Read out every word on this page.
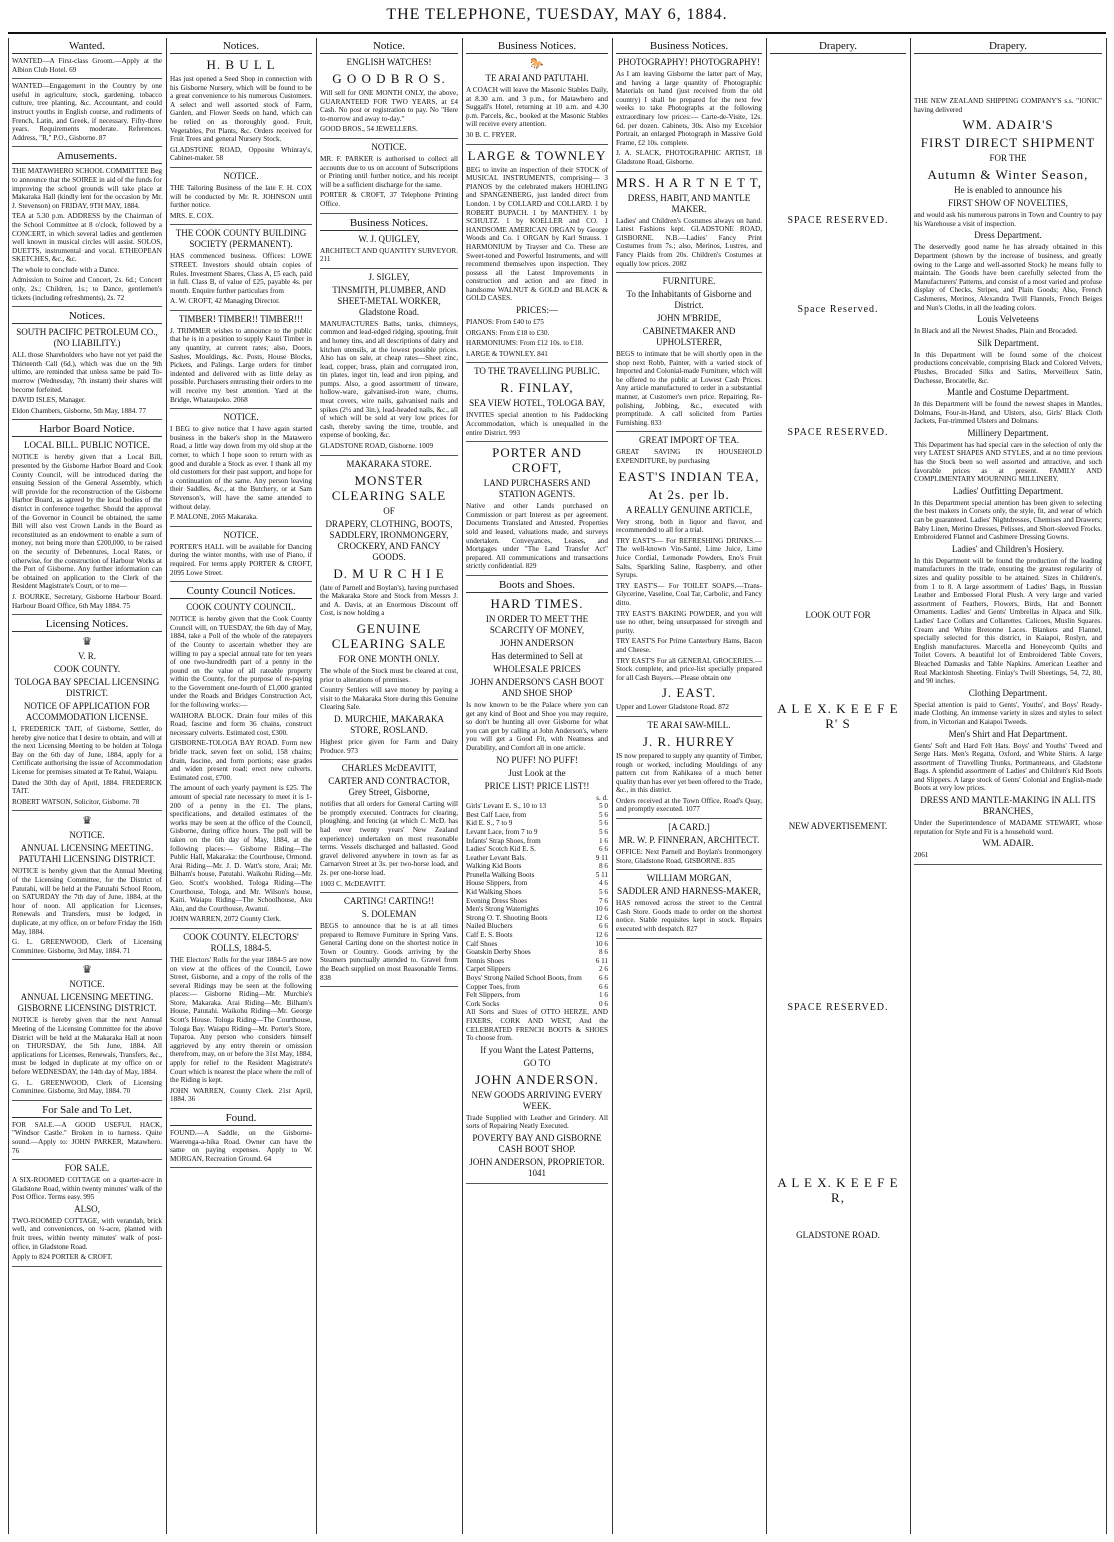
THE TELEPHONE, TUESDAY, MAY 6, 1884.
Wanted.

WANTED—A First-class Groom.—Apply at the Albion Club Hotel. 69

WANTED—Engagement in the Country by one useful in agriculture, stock, gardening, tobacco culture, tree planting, &c. Accountant, and could instruct youths in English course, and rudiments of French, Latin, and Greek, if necessary. Fifty-three years. Requirements moderate. References. Address, "R," P.O., Gisborne. 87

Amusements.

THE MATAWHERO SCHOOL COMMITTEE Beg to announce that the SOIREE in aid of the funds for improving the school grounds will take place at Makaraka Hall (kindly lent for the occasion by Mr. J. Stevenson) on FRIDAY, 9TH MAY, 1884.

TEA at 5.30 p.m. ADDRESS by the Chairman of the School Committee at 8 o'clock, followed by a CONCERT, in which several ladies and gentlemen well known in musical circles will assist. SOLOS, DUETTS, instrumental and vocal. ETHEOPEAN SKETCHES, &c., &c.

The whole to conclude with a Dance.

Admission to Soiree and Concert, 2s. 6d.; Concert only, 2s.; Children, 1s.; to Dance, gentlemen's tickets (including refreshments), 2s. 72

Notices.
SOUTH PACIFIC PETROLEUM CO., (NO LIABILITY.)

ALL those Shareholders who have not yet paid the Thirteenth Call (6d.), which was due on the 9th ultimo, are reminded that unless same be paid To-morrow (Wednesday, 7th instant) their shares will become forfeited.

DAVID ISLES, Manager.

Eldon Chambers, Gisborne, 5th May, 1884. 77

Harbor Board Notice.
LOCAL BILL. PUBLIC NOTICE.

NOTICE is hereby given that a Local Bill, presented by the Gisborne Harbor Board and Cook County Council, will be introduced during the ensuing Session of the General Assembly, which will provide for the reconstruction of the Gisborne Harbor Board, as agreed by the local bodies of the district in conference together. Should the approval of the Governor in Council be obtained, the same Bill will also vest Crown Lands in the Board as reconstituted as an endowment to enable a sum of money, not being more than £200,000, to be raised on the security of Debentures, Local Rates, or otherwise, for the construction of Harbour Works at the Port of Gisborne. Any further information can be obtained on application to the Clerk of the Resident Magistrate's Court, or to me—

J. BOURKE, Secretary, Gisborne Harbour Board. Harbour Board Office, 6th May 1884. 75

Licensing Notices.
♛
V. R.
COOK COUNTY.
TOLOGA BAY SPECIAL LICENSING DISTRICT.
NOTICE OF APPLICATION FOR ACCOMMODATION LICENSE.

I, FREDERICK TAIT, of Gisborne, Settler, do hereby give notice that I desire to obtain, and will at the next Licensing Meeting to be holden at Tologa Bay on the 6th day of June, 1884, apply for a Certificate authorising the issue of Accommodation License for premises situated at Te Rahui, Waiapu.

Dated the 30th day of April, 1884. FREDERICK TAIT.

ROBERT WATSON, Solicitor, Gisborne. 78

♛
NOTICE.
ANNUAL LICENSING MEETING. PATUTAHI LICENSING DISTRICT.

NOTICE is hereby given that the Annual Meeting of the Licensing Committee, for the District of Patutahi, will be held at the Patutahi School Room, on SATURDAY the 7th day of June, 1884, at the hour of noon. All application for Licenses, Renewals and Transfers, must be lodged, in duplicate, at my office, on or before Friday the 16th May, 1884.

G. L. GREENWOOD, Clerk of Licensing Committee. Gisborne, 3rd May, 1884. 71

♛
NOTICE.
ANNUAL LICENSING MEETING. GISBORNE LICENSING DISTRICT.

NOTICE is hereby given that the next Annual Meeting of the Licensing Committee for the above District will be held at the Makaraka Hall at noon on THURSDAY, the 5th June, 1884. All applications for Licenses, Renewals, Transfers, &c., must be lodged in duplicate at my office on or before WEDNESDAY, the 14th day of May, 1884.

G. L. GREENWOOD, Clerk of Licensing Committee. Gisborne, 3rd May, 1884. 70

For Sale and To Let.

FOR SALE.—A GOOD USEFUL HACK, "Windsor Castle." Broken in to harness. Quite sound.—Apply to: JOHN PARKER, Matawhero. 76

FOR SALE.

A SIX-ROOMED COTTAGE on a quarter-acre in Gladstone Road, within twenty minutes' walk of the Post Office. Terms easy. 995

ALSO,

TWO-ROOMED COTTAGE, with verandah, brick well, and conveniences, on ¼-acre, planted with fruit trees, within twenty minutes' walk of post-office, in Gladstone Road.

Apply to 824 PORTER & CROFT.

Notices.
H. B U L L

Has just opened a Seed Shop in connection with his Gisborne Nursery, which will be found to be a great convenience to his numerous Customers. A select and well assorted stock of Farm, Garden, and Flower Seeds on hand, which can be relied on as thoroughly good. Fruit, Vegetables, Pot Plants, &c. Orders received for Fruit Trees and general Nursery Stock.

GLADSTONE ROAD, Opposite Whinray's, Cabinet-maker. 58

NOTICE.

THE Tailoring Business of the late F. H. COX will be conducted by Mr. R. JOHNSON until further notice.

MRS. E. COX.

THE COOK COUNTY BUILDING SOCIETY (PERMANENT).

HAS commenced business. Offices: LOWE STREET. Investors should obtain copies of Rules. Investment Shares, Class A, £5 each, paid in full. Class B, of value of £25, payable 4s. per month. Enquire further particulars from

A. W. CROFT, 42 Managing Director.

TIMBER! TIMBER!! TIMBER!!!

J. TRIMMER wishes to announce to the public that he is in a position to supply Kauri Timber in any quantity, at current rates; also, Doors, Sashes, Mouldings, &c. Posts, House Blocks, Pickets, and Palings. Large orders for timber indented and delivered with as little delay as possible. Purchasers entrusting their orders to me will receive my best attention. Yard at the Bridge, Whataupoko. 2068

NOTICE.

I BEG to give notice that I have again started business in the baker's shop in the Matawero Road, a little way down from my old shop at the corner, to which I hope soon to return with as good and durable a Stock as ever. I thank all my old customers for their past support, and hope for a continuation of the same. Any person leaving their Saddles, &c., at the Butchery, or at Sam Stevenson's, will have the same attended to without delay.

P. MALONE, 2065 Makaraka.

NOTICE.

PORTER'S HALL will be available for Dancing during the winter months, with use of Piano, if required. For terms apply PORTER & CROFT, 2095 Lowe Street.

County Council Notices.
COOK COUNTY COUNCIL.

NOTICE is hereby given that the Cook County Council will, on TUESDAY, the 6th day of May, 1884, take a Poll of the whole of the ratepayers of the County to ascertain whether they are willing to pay a special annual rate for ten years of one two-hundredth part of a penny in the pound on the value of all rateable property within the County, for the purpose of re-paying to the Government one-fourth of £1,000 granted under the Roads and Bridges Construction Act, for the following works:—

WAIHORA BLOCK. Drain four miles of this Road, fascine and form 36 chains, construct necessary culverts. Estimated cost, £300.

GISBORNE-TOLOGA BAY ROAD. Form new bridle track, seven feet on solid, 158 chains; drain, fascine, and form portions; ease grades and widen present road; erect new culverts. Estimated cost, £700.

The amount of each yearly payment is £25. The amount of special rate necessary to meet it is 1-200 of a penny in the £1. The plans, specifications, and detailed estimates of the works may be seen at the office of the Council, Gisborne, during office hours. The poll will be taken on the 6th day of May, 1884, at the following places:— Gisborne Riding—The Public Hall, Makaraka: the Courthouse, Ormond. Arai Riding—Mr. J. D. Watt's store, Arai; Mr. Bilham's house, Patutahi. Waikohu Riding—Mr. Geo. Scott's woolshed. Tologa Riding—The Courthouse, Tologa, and Mr. Wilson's house, Kaiti. Waiapu Riding—The Schoolhouse, Aku Aku, and the Courthouse, Awanui.

JOHN WARREN, 2072 County Clerk.

COOK COUNTY. ELECTORS' ROLLS, 1884-5.

THE Electors' Rolls for the year 1884-5 are now on view at the offices of the Council, Lowe Street, Gisborne, and a copy of the rolls of the several Ridings may be seen at the following places:— Gisborne Riding—Mr. Murchie's Store, Makaraka. Arai Riding—Mr. Bilham's House, Patutahi. Waikohu Riding—Mr. George Scott's House. Tologa Riding—The Courthouse, Tologa Bay. Waiapu Riding—Mr. Porter's Store, Tuparoa. Any person who considers himself aggrieved by any entry therein or omission therefrom, may, on or before the 31st May, 1884, apply for relief to the Resident Magistrate's Court which is nearest the place where the roll of the Riding is kept.

JOHN WARREN, County Clerk. 21st April, 1884. 36

Found.

FOUND.—A Saddle, on the Gisborne-Waerenga-a-hika Road. Owner can have the same on paying expenses. Apply to W. MORGAN, Recreation Ground. 64

Notice.
ENGLISH WATCHES!
G O O D B R O S.

Will sell for ONE MONTH ONLY, the above, GUARANTEED FOR TWO YEARS, at £4 Cash. No post or registration to pay. No "Here to-morrow and away to-day."

GOOD BROS., 54 JEWELLERS.

NOTICE.

MR. F. PARKER is authorised to collect all accounts due to us on account of Subscriptions or Printing until further notice, and his receipt will be a sufficient discharge for the same.

PORTER & CROFT, 37 Telephone Printing Office.

Business Notices.
W. J. QUIGLEY,

ARCHITECT AND QUANTITY SURVEYOR. 211

J. SIGLEY,
TINSMITH, PLUMBER, AND SHEET-METAL WORKER, Gladstone Road.

MANUFACTURES Baths, tanks, chimneys, common and lead-edged ridging, spouting, fruit and honey tins, and all descriptions of dairy and kitchen utensils, at the lowest possible prices. Also has on sale, at cheap rates—Sheet zinc, lead, copper, brass, plain and corrugated iron, tin plates, ingot tin, lead and iron piping, and pumps. Also, a good assortment of tinware, hollow-ware, galvanised-iron ware, churns, meat covers, wire nails, galvanised nails and spikes (2½ and 3in.), lead-headed nails, &c., all of which will be sold at very low prices for cash, thereby saving the time, trouble, and expense of booking, &c.

GLADSTONE ROAD, Gisborne. 1009

MAKARAKA STORE.
MONSTER CLEARING SALE
OF
DRAPERY, CLOTHING, BOOTS, SADDLERY, IRONMONGERY, CROCKERY, AND FANCY GOODS.
D. M U R C H I E

(late of Parnell and Boylan's), having purchased the Makaraka Store and Stock from Messrs J. and A. Davis, at an Enormous Discount off Cost, is now holding a

GENUINE CLEARING SALE
FOR ONE MONTH ONLY.

The whole of the Stock must be cleared at cost, prior to alterations of premises.

Country Settlers will save money by paying a visit to the Makaraka Store during this Genuine Clearing Sale.

D. MURCHIE, MAKARAKA STORE, ROSLAND.

Highest price given for Farm and Dairy Produce. 973

CHARLES McDEAVITT,
CARTER AND CONTRACTOR, Grey Street, Gisborne,

notifies that all orders for General Carting will be promptly executed. Contracts for clearing, ploughing, and fencing (at which C. McD. has had over twenty years' New Zealand experience) undertaken on most reasonable terms. Vessels discharged and ballasted. Good gravel delivered anywhere in town as far as Carnarvon Street at 3s. per two-horse load, and 2s. per one-horse load.

1003 C. McDEAVITT.

CARTING! CARTING!!
S. DOLEMAN

BEGS to announce that he is at all times prepared to Remove Furniture in Spring Vans. General Carting done on the shortest notice in Town or Country. Goods arriving by the Steamers punctually attended to. Gravel from the Beach supplied on most Reasonable Terms. 838

Business Notices.
🐎
TE ARAI AND PATUTAHI.

A COACH will leave the Masonic Stables Daily, at 8.30 a.m. and 3 p.m., for Matawhero and Suggall's Hotel, returning at 10 a.m. and 4.30 p.m. Parcels, &c., booked at the Masonic Stables will receive every attention.

30 B. C. FRYER.

LARGE & TOWNLEY

BEG to invite an inspection of their STOCK of MUSICAL INSTRUMENTS, comprising— 3 PIANOS by the celebrated makers HOHLING and SPANGENBERG, just landed direct from London. 1 by COLLARD and COLLARD. 1 by ROBERT BUPACH. 1 by MANTHEY. 1 by SCHULTZ. 1 by KOELLER and CO. 1 HANDSOME AMERICAN ORGAN by George Woods and Co. 1 ORGAN by Karl Strauss. 1 HARMONIUM by Trayser and Co. These are Sweet-toned and Powerful Instruments, and will recommend themselves upon inspection. They possess all the Latest Improvements in construction and action and are fitted in handsome WALNUT & GOLD and BLACK & GOLD CASES.

PRICES:—

PIANOS: From £40 to £75

ORGANS: From £18 to £30.

HARMONIUMS: From £12 10s. to £18.

LARGE & TOWNLEY. 841

TO THE TRAVELLING PUBLIC.
R. FINLAY,
SEA VIEW HOTEL, TOLOGA BAY,

INVITES special attention to his Paddocking Accommodation, which is unequalled in the entire District. 993

PORTER AND CROFT,
LAND PURCHASERS AND STATION AGENTS.

Native and other Lands purchased on Commission or part Interest as per agreement. Documents Translated and Attested. Properties sold and leased, valuations made, and surveys undertaken. Conveyances, Leases, and Mortgages under "The Land Transfer Act" prepared. All communications and transactions strictly confidential. 829

Boots and Shoes.
HARD TIMES.
IN ORDER TO MEET THE SCARCITY OF MONEY,
JOHN ANDERSON
Has determined to Sell at
WHOLESALE PRICES
JOHN ANDERSON'S CASH BOOT AND SHOE SHOP

Is now known to be the Palace where you can get any kind of Boot and Shoe you may require, so don't be hunting all over Gisborne for what you can get by calling at John Anderson's, where you will get a Good Fit, with Neatness and Durability, and Comfort all in one article.

NO PUFF! NO PUFF!
Just Look at the
PRICE LIST! PRICE LIST!!
s. d.
Girls' Levant E. S., 10 to 13	5 0
Best Calf Lace, from	5 6
Kid E. S., 7 to 9	5 6
Levant Lace, from 7 to 9	5 6
Infants' Strap Shoes, from	1 6
Ladies' Scotch Kid E. S.	6 6
Leather Levant Bals.	9 11
Walking Kid Boots	8 6
Prunella Walking Boots	5 11
House Slippers, from	4 6
Kid Walking Shoes	5 6
Evening Dress Shoes	7 6
Men's Strong Watertights	10 6
Strong O. T. Shooting Boots	12 6
Nailed Bluchers	6 6
Calf E. S. Boots	12 6
Calf Shoes	10 6
Goatskin Derby Shoes	8 6
Tennis Shoes	6 11
Carpet Slippers	2 6
Boys' Strong Nailed School Boots, from 6 6
Copper Toes, from	6 6
Felt Slippers, from	1 6
Cork Socks	0 6

All Sorts and Sizes of OTTO HERZE, AND FIXERS, CORK AND WEST, And the CELEBRATED FRENCH BOOTS & SHOES To choose from.

If you Want the Latest Patterns,
GO TO
JOHN ANDERSON.
NEW GOODS ARRIVING EVERY WEEK.

Trade Supplied with Leather and Grindery. All sorts of Repairing Neatly Executed.

POVERTY BAY AND GISBORNE CASH BOOT SHOP.
JOHN ANDERSON, PROPRIETOR. 1041
Business Notices.
PHOTOGRAPHY! PHOTOGRAPHY!

As I am leaving Gisborne the latter part of May, and having a large quantity of Photographic Materials on hand (just received from the old country) I shall be prepared for the next few weeks to take Photographs at the following extraordinary low prices:— Carte-de-Visite, 12s. 6d. per dozen. Cabinets, 30s. Also my Excelsior Portrait, an enlarged Photograph in Massive Gold Frame, £2 10s. complete.

J. A. SLACK, PHOTOGRAPHIC ARTIST, 18 Gladstone Road, Gisborne.

MRS. H A R T N E T T,
DRESS, HABIT, AND MANTLE MAKER.

Ladies' and Children's Costumes always on hand. Latest Fashions kept. GLADSTONE ROAD, GISBORNE. N.B.—Ladies' Fancy Print Costumes from 7s.; also, Merinos, Lustres, and Fancy Plaids from 20s. Children's Costumes at equally low prices. 2082

FURNITURE.
To the Inhabitants of Gisborne and District.
JOHN M'BRIDE,
CABINETMAKER AND UPHOLSTERER,

BEGS to intimate that he will shortly open in the shop next Robb, Painter, with a varied stock of Imported and Colonial-made Furniture, which will be offered to the public at Lowest Cash Prices. Any article manufactured to order in a substantial manner, at Customer's own price. Repairing, Re-polishing, Jobbing, &c., executed with promptitude. A call solicited from Parties Furnishing. 833

GREAT IMPORT OF TEA.

GREAT SAVING IN HOUSEHOLD EXPENDITURE, by purchasing

EAST'S INDIAN TEA,
At 2s. per lb.
A REALLY GENUINE ARTICLE,

Very strong, both in liquor and flavor, and recommended to all for a trial.

TRY EAST'S— For REFRESHING DRINKS.—The well-known Vin-Santé, Lime Juice, Lime Juice Cordial, Lemonade Powders, Eno's Fruit Salts, Sparkling Saline, Raspberry, and other Syrups.

TRY EAST'S— For TOILET SOAPS.—Trans-Glycerine, Vaseline, Coal Tar, Carbolic, and Fancy ditto.

TRY EAST'S BAKING POWDER, and you will use no other, being unsurpassed for strength and purity.

TRY EAST'S For Prime Canterbury Hams, Bacon and Cheese.

TRY EAST'S For all GENERAL GROCERIES.—Stock complete, and price-list specially prepared for all Cash Buyers.—Please obtain one

J. EAST.

Upper and Lower Gladstone Road. 872

TE ARAI SAW-MILL.
J. R. HURREY

IS now prepared to supply any quantity of Timber, rough or worked, including Mouldings of any pattern cut from Kahikatea of a much better quality than has ever yet been offered to the Trade, &c., in this district.

Orders received at the Town Office, Road's Quay, and promptly executed. 1077

[A CARD.]
MR. W. P. FINNERAN, ARCHITECT.

OFFICE: Next Parnell and Boylan's Ironmongery Store, Gladstone Road, GISBORNE. 835

WILLIAM MORGAN,
SADDLER AND HARNESS-MAKER,

HAS removed across the street to the Central Cash Store. Goods made to order on the shortest notice. Stable requisites kept in stock. Repairs executed with despatch. 827

Drapery.
SPACE RESERVED.
Space Reserved.
SPACE RESERVED.
LOOK OUT FOR
A L E X. K E E F E R' S
NEW ADVERTISEMENT.
SPACE RESERVED.
A L E X. K E E F E R,
GLADSTONE ROAD.
Drapery.

THE NEW ZEALAND SHIPPING COMPANY'S s.s. "IONIC" having delivered

WM. ADAIR'S
FIRST DIRECT SHIPMENT
FOR THE
Autumn & Winter Season,
He is enabled to announce his
FIRST SHOW OF NOVELTIES,

and would ask his numerous patrons in Town and Country to pay his Warehouse a visit of inspection.

Dress Department.

The deservedly good name he has already obtained in this Department (shown by the increase of business, and greatly owing to the Large and well-assorted Stock) he means fully to maintain. The Goods have been carefully selected from the Manufacturers' Patterns, and consist of a most varied and profuse display of Checks, Stripes, and Plain Goods; Also, French Cashmeres, Merinos, Alexandra Twill Flannels, French Beiges and Nun's Cloths, in all the leading colors.

Louis Velveteens

In Black and all the Newest Shades, Plain and Brocaded.

Silk Department.

In this Department will be found some of the choicest productions conceivable, comprising Black and Colored Velvets, Plushes, Brocaded Silks and Satins, Merveilleux Satin, Duchesse, Brocatelle, &c.

Mantle and Costume Department.

In this Department will be found the newest shapes in Mantles, Dolmans, Four-in-Hand, and Ulsters, also, Girls' Black Cloth Jackets, Fur-trimmed Ulsters and Dolmans.

Millinery Department.

This Department has had special care in the selection of only the very LATEST SHAPES AND STYLES, and at no time previous has the Stock been so well assorted and attractive, and such favorable prices as at present. FAMILY AND COMPLIMENTARY MOURNING MILLINERY.

Ladies' Outfitting Department.

In this Department special attention has been given to selecting the best makers in Corsets only, the style, fit, and wear of which can be guaranteed. Ladies' Nightdresses, Chemises and Drawers; Baby Linen, Merino Dresses, Pelisses, and Short-sleeved Frocks. Embroidered Flannel and Cashmere Dressing Gowns.

Ladies' and Children's Hosiery.

In this Department will be found the production of the leading manufacturers in the trade, ensuring the greatest regularity of sizes and quality possible to be attained. Sizes in Children's, from 1 to 8. A large assortment of Ladies' Bags, in Russian Leather and Embossed Floral Plush. A very large and varied assortment of Feathers, Flowers, Birds, Hat and Bonnett Ornaments. Ladies' and Gents' Umbrellas in Alpaca and Silk. Ladies' Lace Collars and Collarettes. Calicoes, Muslin Squares. Cream and White Bretonne Laces. Blankets and Flannel, specially selected for this district, in Kaiapoi, Roslyn, and English manufactures. Marcella and Honeycomb Quilts and Toilet Covers. A beautiful lot of Embroidered Table Covers, Bleached Damasks and Table Napkins. American Leather and Real Mackintosh Sheeting. Finlay's Twill Sheetings, 54, 72, 80, and 90 inches.

Clothing Department.

Special attention is paid to Gents', Youths', and Boys' Ready-made Clothing. An immense variety in sizes and styles to select from, in Victorian and Kaiapoi Tweeds.

Men's Shirt and Hat Department.

Gents' Soft and Hard Felt Hats. Boys' and Youths' Tweed and Serge Hats. Men's Regatta, Oxford, and White Shirts. A large assortment of Travelling Trunks, Portmanteaus, and Gladstone Bags. A splendid assortment of Ladies' and Children's Kid Boots and Slippers. A large stock of Gents' Colonial and English-made Boots at very low prices.

DRESS AND MANTLE-MAKING IN ALL ITS BRANCHES,

Under the Superintendence of MADAME STEWART, whose reputation for Style and Fit is a household word.

WM. ADAIR.

2061
